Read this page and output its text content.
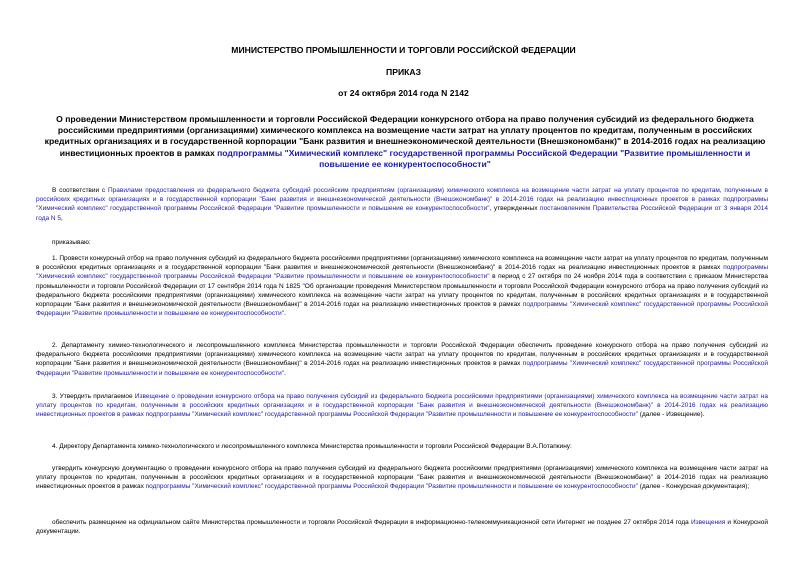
МИНИСТЕРСТВО ПРОМЫШЛЕННОСТИ И ТОРГОВЛИ РОССИЙСКОЙ ФЕДЕРАЦИИ
ПРИКАЗ
от 24 октября 2014 года N 2142
О проведении Министерством промышленности и торговли Российской Федерации конкурсного отбора на право получения субсидий из федерального бюджета российскими предприятиями (организациями) химического комплекса на возмещение части затрат на уплату процентов по кредитам, полученным в российских кредитных организациях и в государственной корпорации "Банк развития и внешнеэкономической деятельности (Внешэкономбанк)" в 2014-2016 годах на реализацию инвестиционных проектов в рамках подпрограммы "Химический комплекс" государственной программы Российской Федерации "Развитие промышленности и повышение ее конкурентоспособности"
В соответствии с Правилами предоставления из федерального бюджета субсидий российским предприятиям (организациям) химического комплекса на возмещение части затрат на уплату процентов по кредитам, полученным в российских кредитных организациях и в государственной корпорации "Банк развития и внешнеэкономической деятельности (Внешэкономбанк)" в 2014-2016 годах на реализацию инвестиционных проектов в рамках подпрограммы "Химический комплекс" государственной программы Российской Федерации "Развитие промышленности и повышение ее конкурентоспособности", утвержденных постановлением Правительства Российской Федерации от 3 января 2014 года N 5,
приказываю:
1. Провести конкурсный отбор на право получения субсидий из федерального бюджета российскими предприятиями (организациями) химического комплекса на возмещение части затрат на уплату процентов по кредитам, полученным в российских кредитных организациях и в государственной корпорации "Банк развития и внешнеэкономической деятельности (Внешэкономбанк)" в 2014-2016 годах на реализацию инвестиционных проектов в рамках подпрограммы "Химический комплекс" государственной программы Российской Федерации "Развитие промышленности и повышение ее конкурентоспособности" в период с 27 октября по 24 ноября 2014 года в соответствии с приказом Министерства промышленности и торговли Российской Федерации от 17 сентября 2014 года N 1825 "Об организации проведения Министерством промышленности и торговли Российской Федерации конкурсного отбора на право получения субсидий из федерального бюджета российскими предприятиями (организациями) химического комплекса на возмещение части затрат на уплату процентов по кредитам, полученным в российских кредитных организациях и в государственной корпорации "Банк развития и внешнеэкономической деятельности (Внешэкономбанк)" в 2014-2016 годах на реализацию инвестиционных проектов в рамках подпрограммы "Химический комплекс" государственной программы Российской Федерации "Развитие промышленности и повышение ее конкурентоспособности".
2. Департаменту химико-технологического и лесопромышленного комплекса Министерства промышленности и торговли Российской Федерации обеспечить проведение конкурсного отбора на право получения субсидий из федерального бюджета российскими предприятиями (организациями) химического комплекса на возмещение части затрат на уплату процентов по кредитам, полученным в российских кредитных организациях и в государственной корпорации "Банк развития и внешнеэкономической деятельности (Внешэкономбанк)" в 2014-2016 годах на реализацию инвестиционных проектов в рамках подпрограммы "Химический комплекс" государственной программы Российской Федерации "Развитие промышленности и повышение ее конкурентоспособности".
3. Утвердить прилагаемое Извещение о проведении конкурсного отбора на право получения субсидий из федерального бюджета российскими предприятиями (организациями) химического комплекса на возмещение части затрат на уплату процентов по кредитам, полученным в российских кредитных организациях и в государственной корпорации "Банк развития и внешнеэкономической деятельности (Внешэкономбанк)" в 2014-2016 годах на реализацию инвестиционных проектов в рамках подпрограммы "Химический комплекс" государственной программы Российской Федерации "Развитие промышленности и повышение ее конкурентоспособности" (далее - Извещение).
4. Директору Департамента химико-технологического и лесопромышленного комплекса Министерства промышленности и торговли Российской Федерации В.А.Потапкину:
утвердить конкурсную документацию о проведении конкурсного отбора на право получения субсидий из федерального бюджета российскими предприятиями (организациями) химического комплекса на возмещение части затрат на уплату процентов по кредитам, полученным в российских кредитных организациях и в государственной корпорации "Банк развития и внешнеэкономической деятельности (Внешэкономбанк)" в 2014-2016 годах на реализацию инвестиционных проектов в рамках подпрограммы "Химический комплекс" государственной программы Российской Федерации "Развитие промышленности и повышение ее конкурентоспособности" (далее - Конкурсная документация);
обеспечить размещение на официальном сайте Министерства промышленности и торговли Российской Федерации в информационно-телекоммуникационной сети Интернет не позднее 27 октября 2014 года Извещения и Конкурсной документации.
